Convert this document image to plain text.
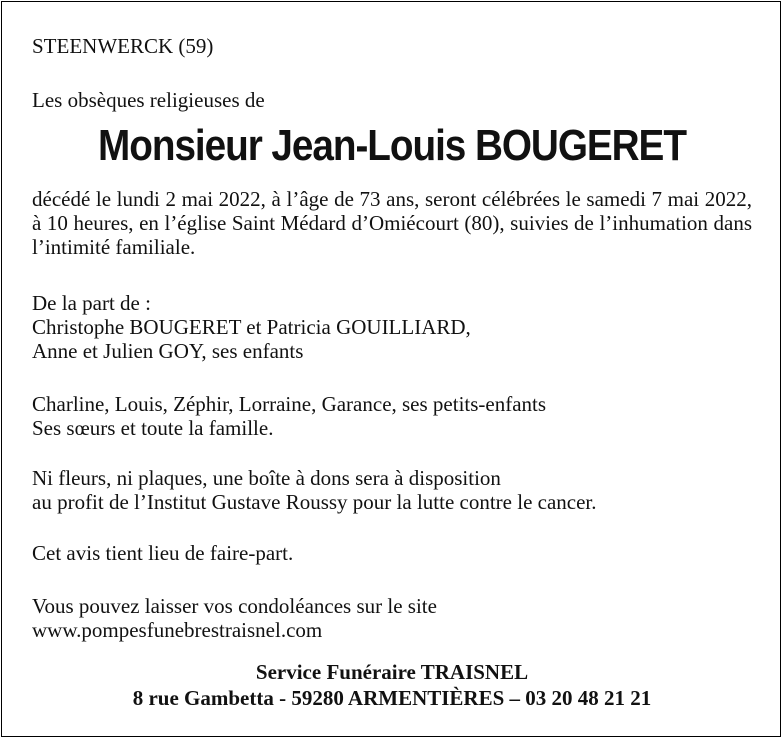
STEENWERCK (59)
Les obsèques religieuses de
Monsieur Jean-Louis BOUGERET
décédé le lundi 2 mai 2022, à l’âge de 73 ans, seront célébrées le samedi 7 mai 2022, à 10 heures, en l’église Saint Médard d’Omiécourt (80), suivies de l’inhumation dans l’intimité familiale.
De la part de :
Christophe BOUGERET et Patricia GOUILLIARD,
Anne et Julien GOY, ses enfants
Charline, Louis, Zéphir, Lorraine, Garance, ses petits-enfants
Ses sœurs et toute la famille.
Ni fleurs, ni plaques, une boîte à dons sera à disposition
au profit de l’Institut Gustave Roussy pour la lutte contre le cancer.
Cet avis tient lieu de faire-part.
Vous pouvez laisser vos condoléances sur le site
www.pompesfunebrestraisnel.com
Service Funéraire TRAISNEL
8 rue Gambetta - 59280 ARMENTIÈRES – 03 20 48 21 21
